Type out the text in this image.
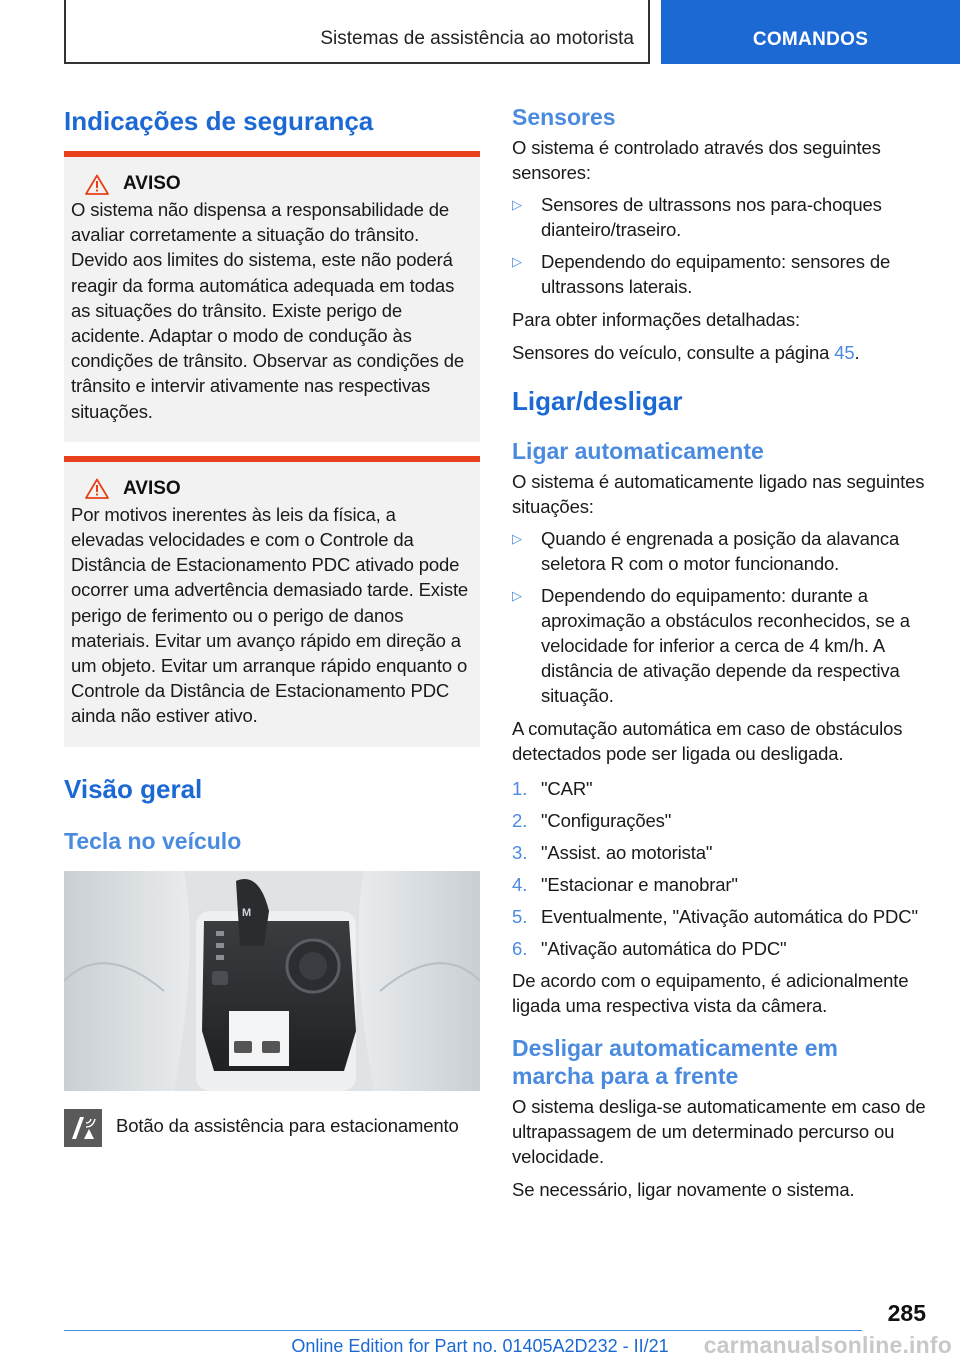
Sistemas de assistência ao motorista	COMANDOS
Indicações de segurança
AVISO

O sistema não dispensa a responsabilidade de avaliar corretamente a situação do trânsito. Devido aos limites do sistema, este não poderá reagir da forma automática adequada em todas as situações do trânsito. Existe perigo de acidente. Adaptar o modo de condução às condições de trânsito. Observar as condições de trânsito e intervir ativamente nas respectivas situações.

AVISO

Por motivos inerentes às leis da física, a elevadas velocidades e com o Controle da Distância de Estacionamento PDC ativado pode ocorrer uma advertência demasiado tarde. Existe perigo de ferimento ou o perigo de danos materiais. Evitar um avanço rápido em direção a um objeto. Evitar um arranque rápido enquanto o Controle da Distância de Estacionamento PDC ainda não estiver ativo.

Visão geral
Tecla no veículo
M

Botão da assistência para estacionamento

Sensores

O sistema é controlado através dos seguintes sensores:

▷	Sensores de ultrassons nos para-choques dianteiro/traseiro.

▷	Dependendo do equipamento: sensores de ultrassons laterais.

Para obter informações detalhadas:

Sensores do veículo, consulte a página 45.

Ligar/desligar
Ligar automaticamente

O sistema é automaticamente ligado nas seguintes situações:

▷	Quando é engrenada a posição da alavanca seletora R com o motor funcionando.

▷	Dependendo do equipamento: durante a aproximação a obstáculos reconhecidos, se a velocidade for inferior a cerca de 4 km/h. A distância de ativação depende da respectiva situação.

A comutação automática em caso de obstáculos detectados pode ser ligada ou desligada.

1. "CAR"

2. "Configurações"

3. "Assist. ao motorista"

4. "Estacionar e manobrar"

5. Eventualmente, "Ativação automática do PDC"

6. "Ativação automática do PDC"

De acordo com o equipamento, é adicionalmente ligada uma respectiva vista da câmera.

Desligar automaticamente em marcha para a frente

O sistema desliga-se automaticamente em caso de ultrapassagem de um determinado percurso ou velocidade.

Se necessário, ligar novamente o sistema.

285
Online Edition for Part no. 01405A2D232 - II/21	carmanualsonline.info
